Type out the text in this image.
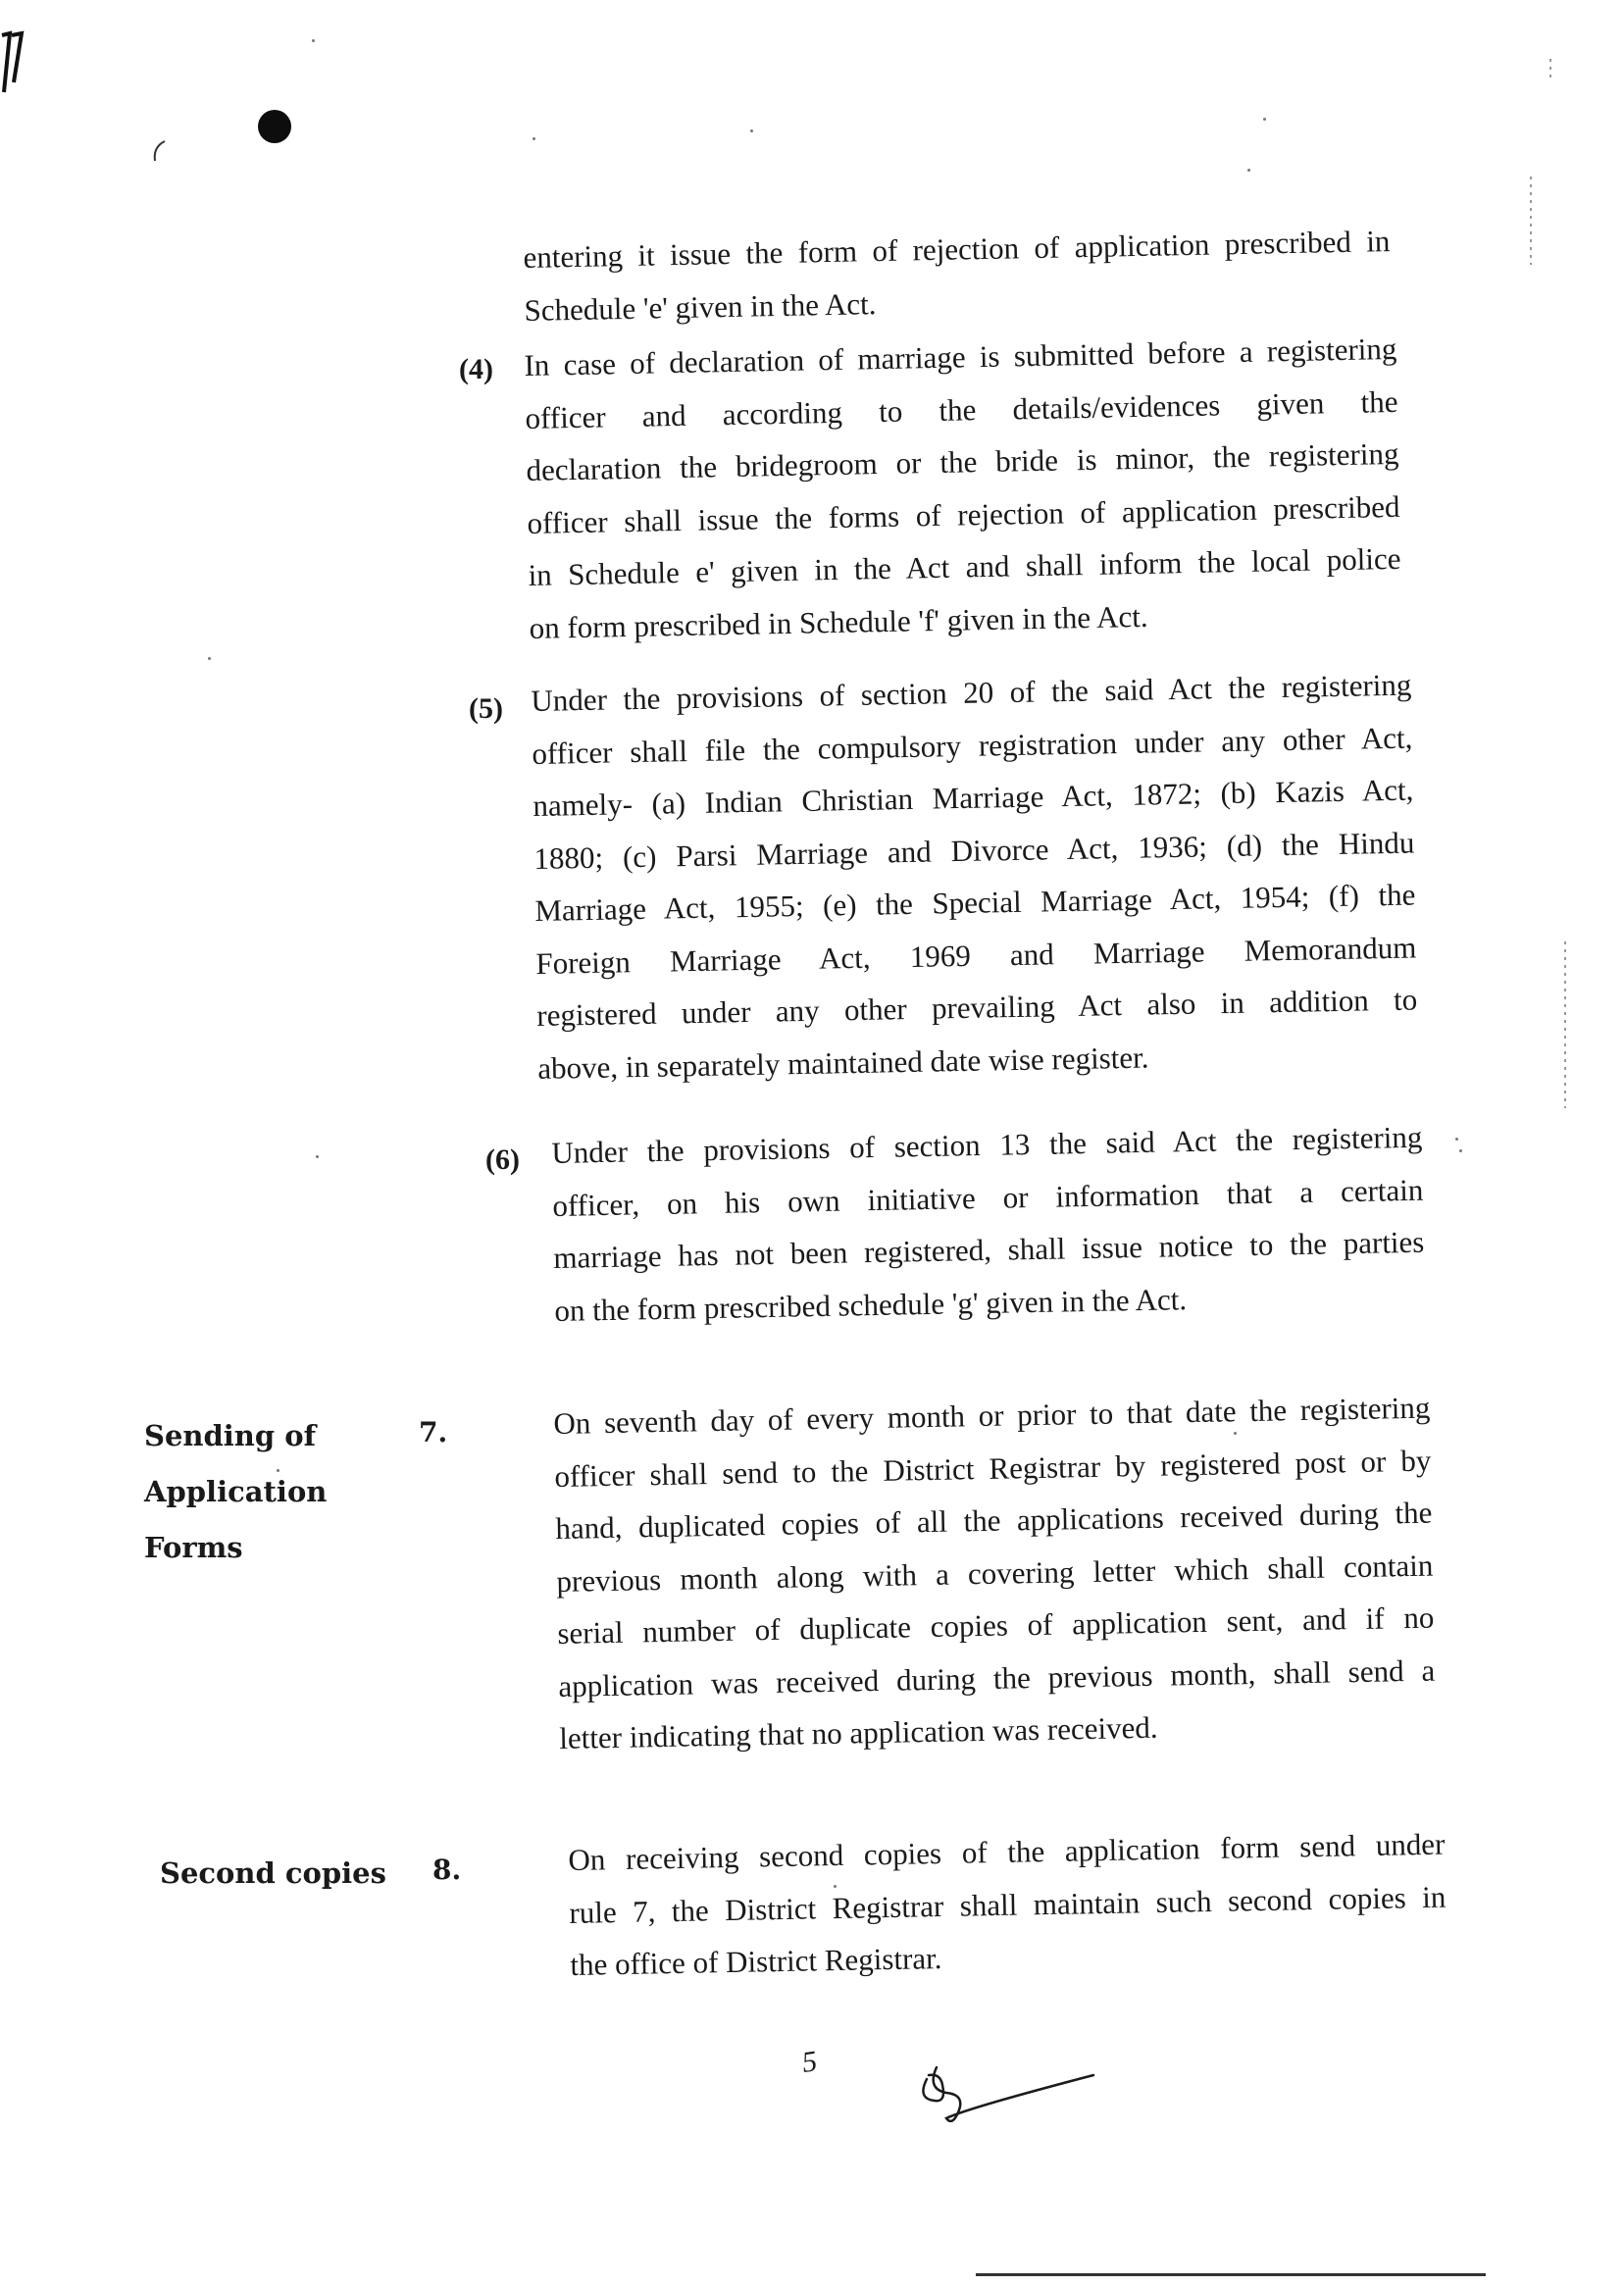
entering it issue the form of rejection of application prescribed in
Schedule 'e' given in the Act.
(4) In case of declaration of marriage is submitted before a registering
officer and according to the details/evidences given the
declaration the bridegroom or the bride is minor, the registering
officer shall issue the forms of rejection of application prescribed
in Schedule e' given in the Act and shall inform the local police
on form prescribed in Schedule 'f' given in the Act.
(5) Under the provisions of section 20 of the said Act the registering
officer shall file the compulsory registration under any other Act,
namely- (a) Indian Christian Marriage Act, 1872; (b) Kazis Act,
1880; (c) Parsi Marriage and Divorce Act, 1936; (d) the Hindu
Marriage Act, 1955; (e) the Special Marriage Act, 1954; (f) the
Foreign Marriage Act, 1969 and Marriage Memorandum
registered under any other prevailing Act also in addition to
above, in separately maintained date wise register.
(6) Under the provisions of section 13 the said Act the registering
officer, on his own initiative or information that a certain
marriage has not been registered, shall issue notice to the parties
on the form prescribed schedule 'g' given in the Act.
Sending of
Application
Forms
7.	On seventh day of every month or prior to that date the registering
officer shall send to the District Registrar by registered post or by
hand, duplicated copies of all the applications received during the
previous month along with a covering letter which shall contain
serial number of duplicate copies of application sent, and if no
application was received during the previous month, shall send a
letter indicating that no application was received.
Second copies 8.	On receiving second copies of the application form send under
rule 7, the District Registrar shall maintain such second copies in
the office of District Registrar.
5
